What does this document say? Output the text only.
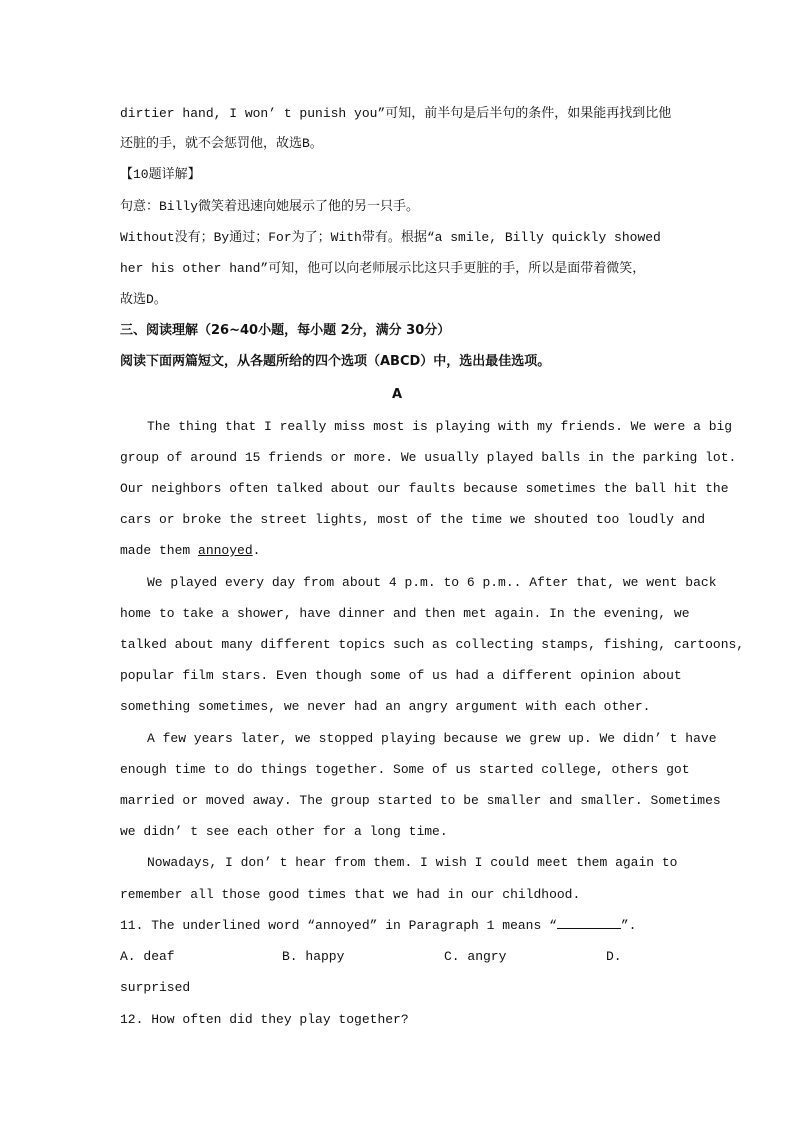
dirtier hand, I won’ t punish you”可知，前半句是后半句的条件，如果能再找到比他
还脏的手，就不会惩罚他，故选B。
【10题详解】
句意：Billy微笑着迅速向她展示了他的另一只手。
Without没有；By通过；For为了；With带有。根据“a smile, Billy quickly showed
her his other hand”可知，他可以向老师展示比这只手更脏的手，所以是面带着微笑，
故选D。
三、阅读理解（26~40小题，每小题 2分，满分 30分）
阅读下面两篇短文，从各题所给的四个选项（ABCD）中，选出最佳选项。
A
The thing that I really miss most is playing with my friends. We were a big
group of around 15 friends or more. We usually played balls in the parking lot.
Our neighbors often talked about our faults because sometimes the ball hit the
cars or broke the street lights, most of the time we shouted too loudly and
made them annoyed.
We played every day from about 4 p.m. to 6 p.m.. After that, we went back
home to take a shower, have dinner and then met again. In the evening, we
talked about many different topics such as collecting stamps, fishing, cartoons,
popular film stars. Even though some of us had a different opinion about
something sometimes, we never had an angry argument with each other.
A few years later, we stopped playing because we grew up. We didn’ t have
enough time to do things together. Some of us started college, others got
married or moved away. The group started to be smaller and smaller. Sometimes
we didn’ t see each other for a long time.
Nowadays, I don’ t hear from them. I wish I could meet them again to
remember all those good times that we had in our childhood.
11. The underlined word “annoyed” in Paragraph 1 means “	”.
A. deaf	B. happy	C. angry	D.
surprised
12. How often did they play together?
